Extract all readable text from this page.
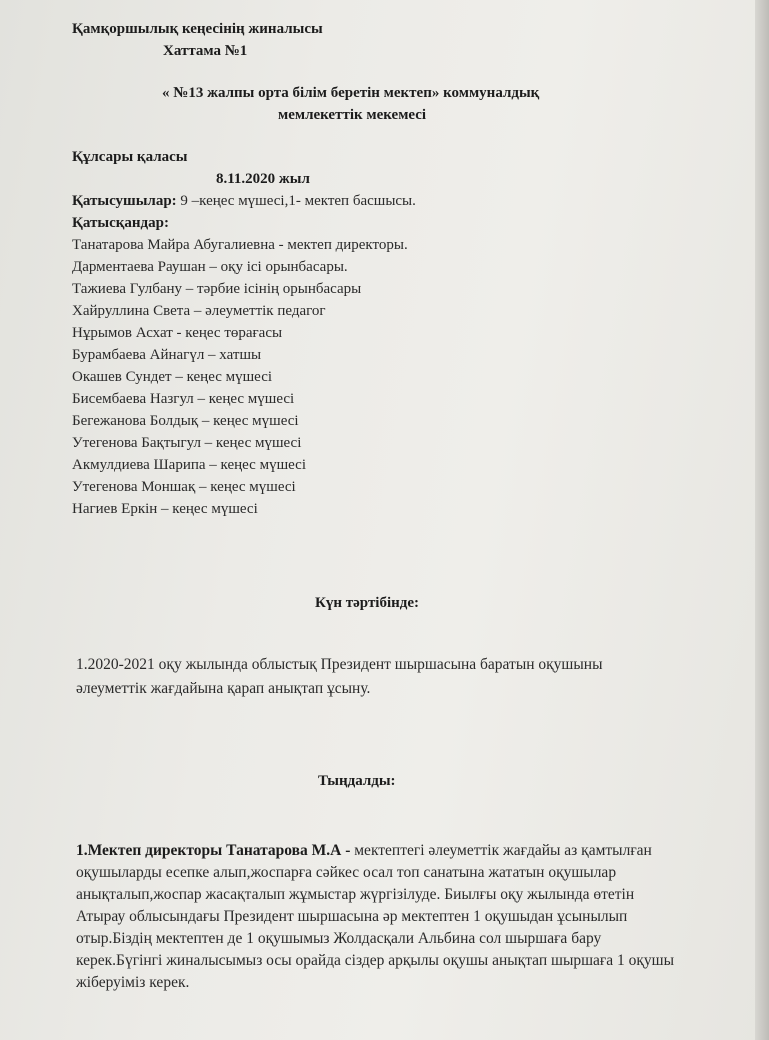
Қамқоршылық кеңесінің жиналысы
Хаттама №1
« №13 жалпы орта білім беретін мектеп» коммуналдық
мемлекеттік мекемесі
Құлсары қаласы
8.11.2020 жыл
Қатысушылар: 9 –кеңес мүшесі,1- мектеп басшысы.
Қатысқандар:
Танатарова Майра Абугалиевна - мектеп директоры.
Дарментаева Раушан – оқу ісі орынбасары.
Тажиева Гулбану – тәрбие ісінің орынбасары
Хайруллина Света – әлеуметтік педагог
Нұрымов Асхат - кеңес төрағасы
Бурамбаева Айнагүл – хатшы
Окашев Сундет – кеңес мүшесі
Бисембаева Назгул – кеңес мүшесі
Бегежанова Болдық – кеңес мүшесі
Утегенова Бақтыгул – кеңес мүшесі
Акмулдиева Шарипа – кеңес мүшесі
Утегенова Моншақ – кеңес мүшесі
Нагиев Еркін – кеңес мүшесі
Күн тәртібінде:
1.2020-2021 оқу жылында облыстық Президент шыршасына баратын оқушыны
әлеуметтік жағдайына қарап анықтап ұсыну.
Тыңдалды:
1.Мектеп директоры Танатарова М.А - мектептегі әлеуметтік жағдайы аз қамтылған
оқушыларды есепке алып,жоспарға сәйкес осал топ санатына жататын оқушылар
анықталып,жоспар жасақталып жұмыстар жүргізілуде. Биылғы оқу жылында өтетін
Атырау облысындағы Президент шыршасына әр мектептен 1 оқушыдан ұсынылып
отыр.Біздің мектептен де 1 оқушымыз Жолдасқали Альбина сол шыршаға бару
керек.Бүгінгі жиналысымыз осы орайда сіздер арқылы оқушы анықтап шыршаға 1 оқушы
жіберуіміз керек.
